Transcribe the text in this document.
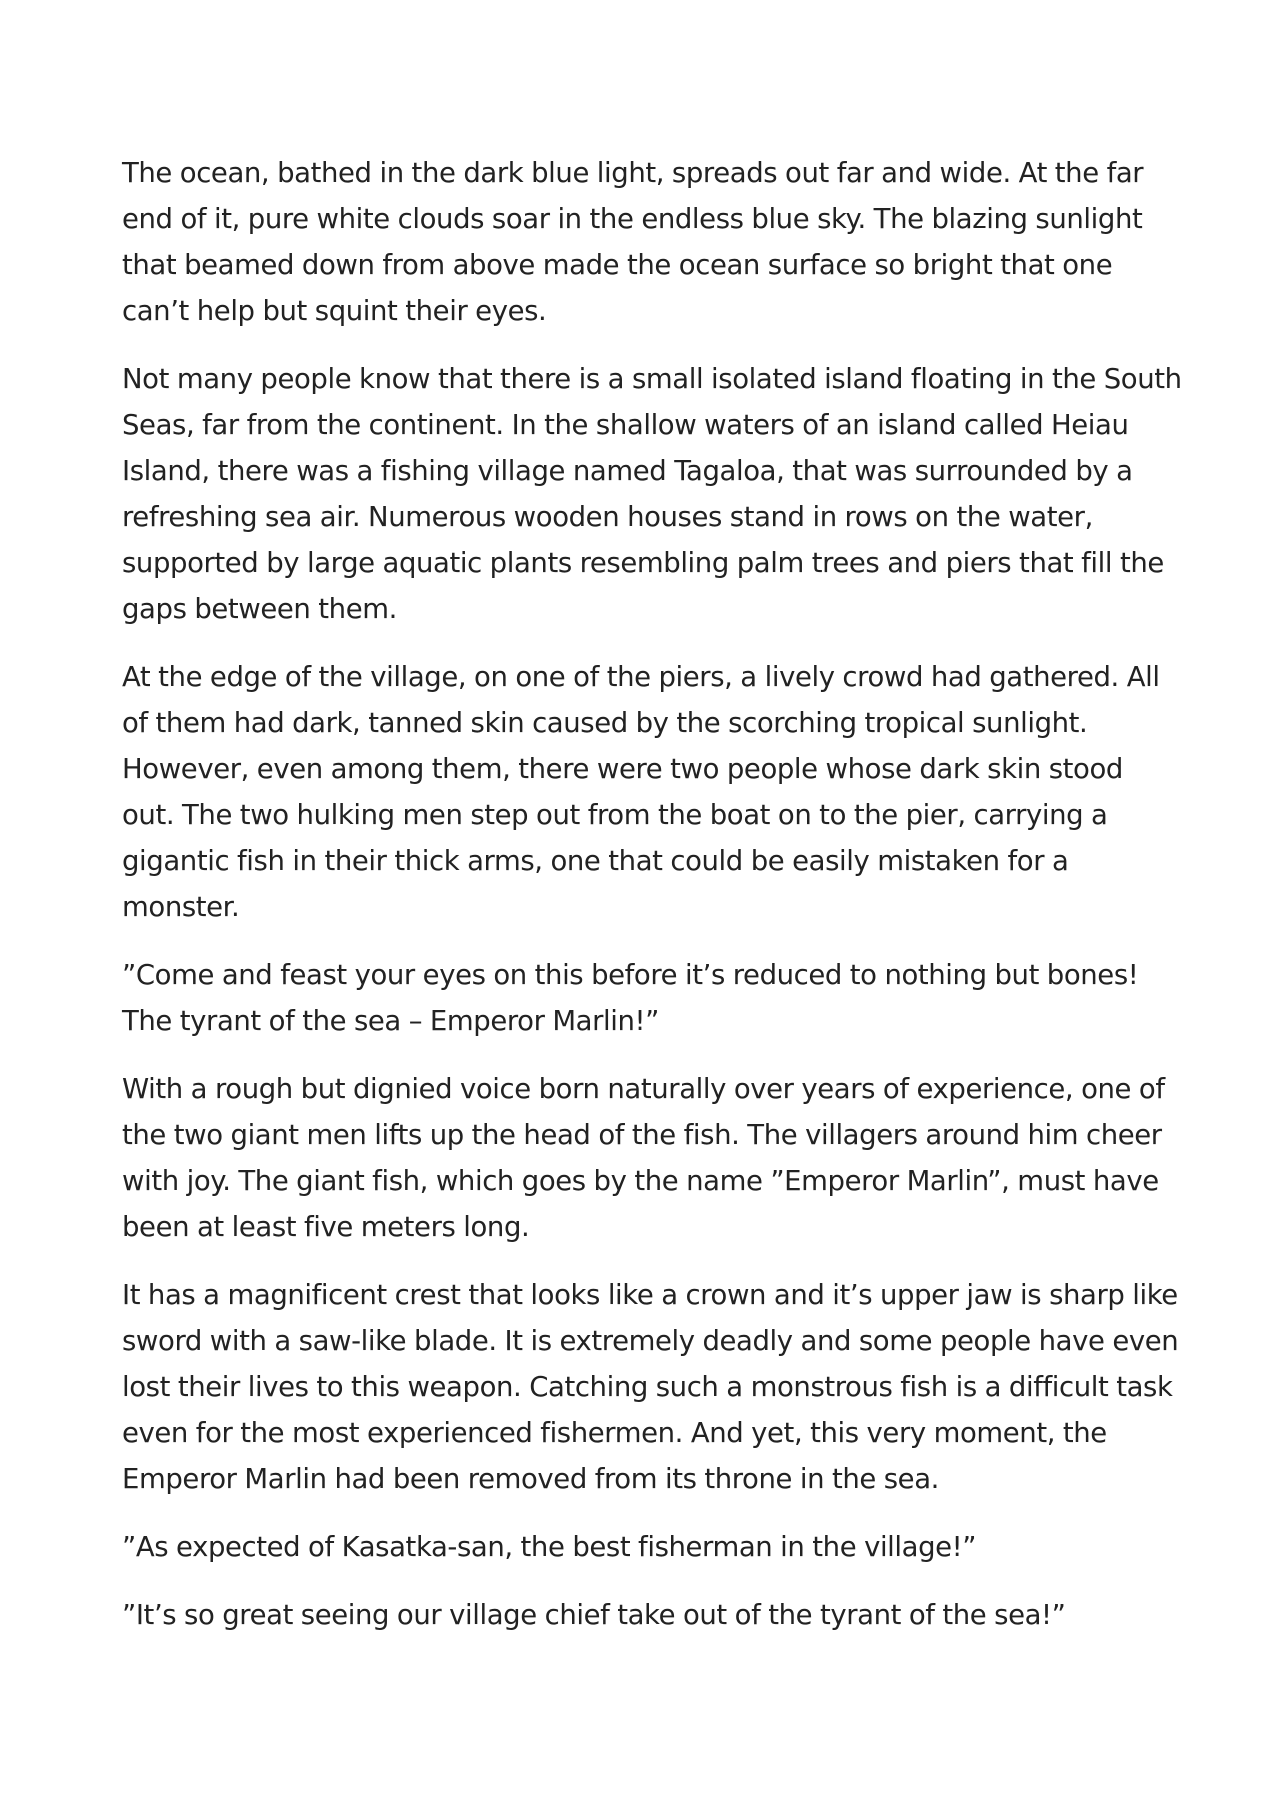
The ocean, bathed in the dark blue light, spreads out far and wide. At the far end of it, pure white clouds soar in the endless blue sky. The blazing sunlight that beamed down from above made the ocean surface so bright that one can’t help but squint their eyes.

Not many people know that there is a small isolated island floating in the South Seas, far from the continent. In the shallow waters of an island called Heiau Island, there was a fishing village named Tagaloa, that was surrounded by a refreshing sea air. Numerous wooden houses stand in rows on the water, supported by large aquatic plants resembling palm trees and piers that fill the gaps between them.

At the edge of the village, on one of the piers, a lively crowd had gathered. All of them had dark, tanned skin caused by the scorching tropical sunlight. However, even among them, there were two people whose dark skin stood out. The two hulking men step out from the boat on to the pier, carrying a gigantic fish in their thick arms, one that could be easily mistaken for a monster.

”Come and feast your eyes on this before it’s reduced to nothing but bones! The tyrant of the sea – Emperor Marlin!”

With a rough but dignied voice born naturally over years of experience, one of the two giant men lifts up the head of the fish. The villagers around him cheer with joy. The giant fish, which goes by the name ”Emperor Marlin”, must have been at least five meters long.

It has a magnificent crest that looks like a crown and it’s upper jaw is sharp like sword with a saw-like blade. It is extremely deadly and some people have even lost their lives to this weapon. Catching such a monstrous fish is a difficult task even for the most experienced fishermen. And yet, this very moment, the Emperor Marlin had been removed from its throne in the sea.

”As expected of Kasatka-san, the best fisherman in the village!”

”It’s so great seeing our village chief take out of the tyrant of the sea!”
